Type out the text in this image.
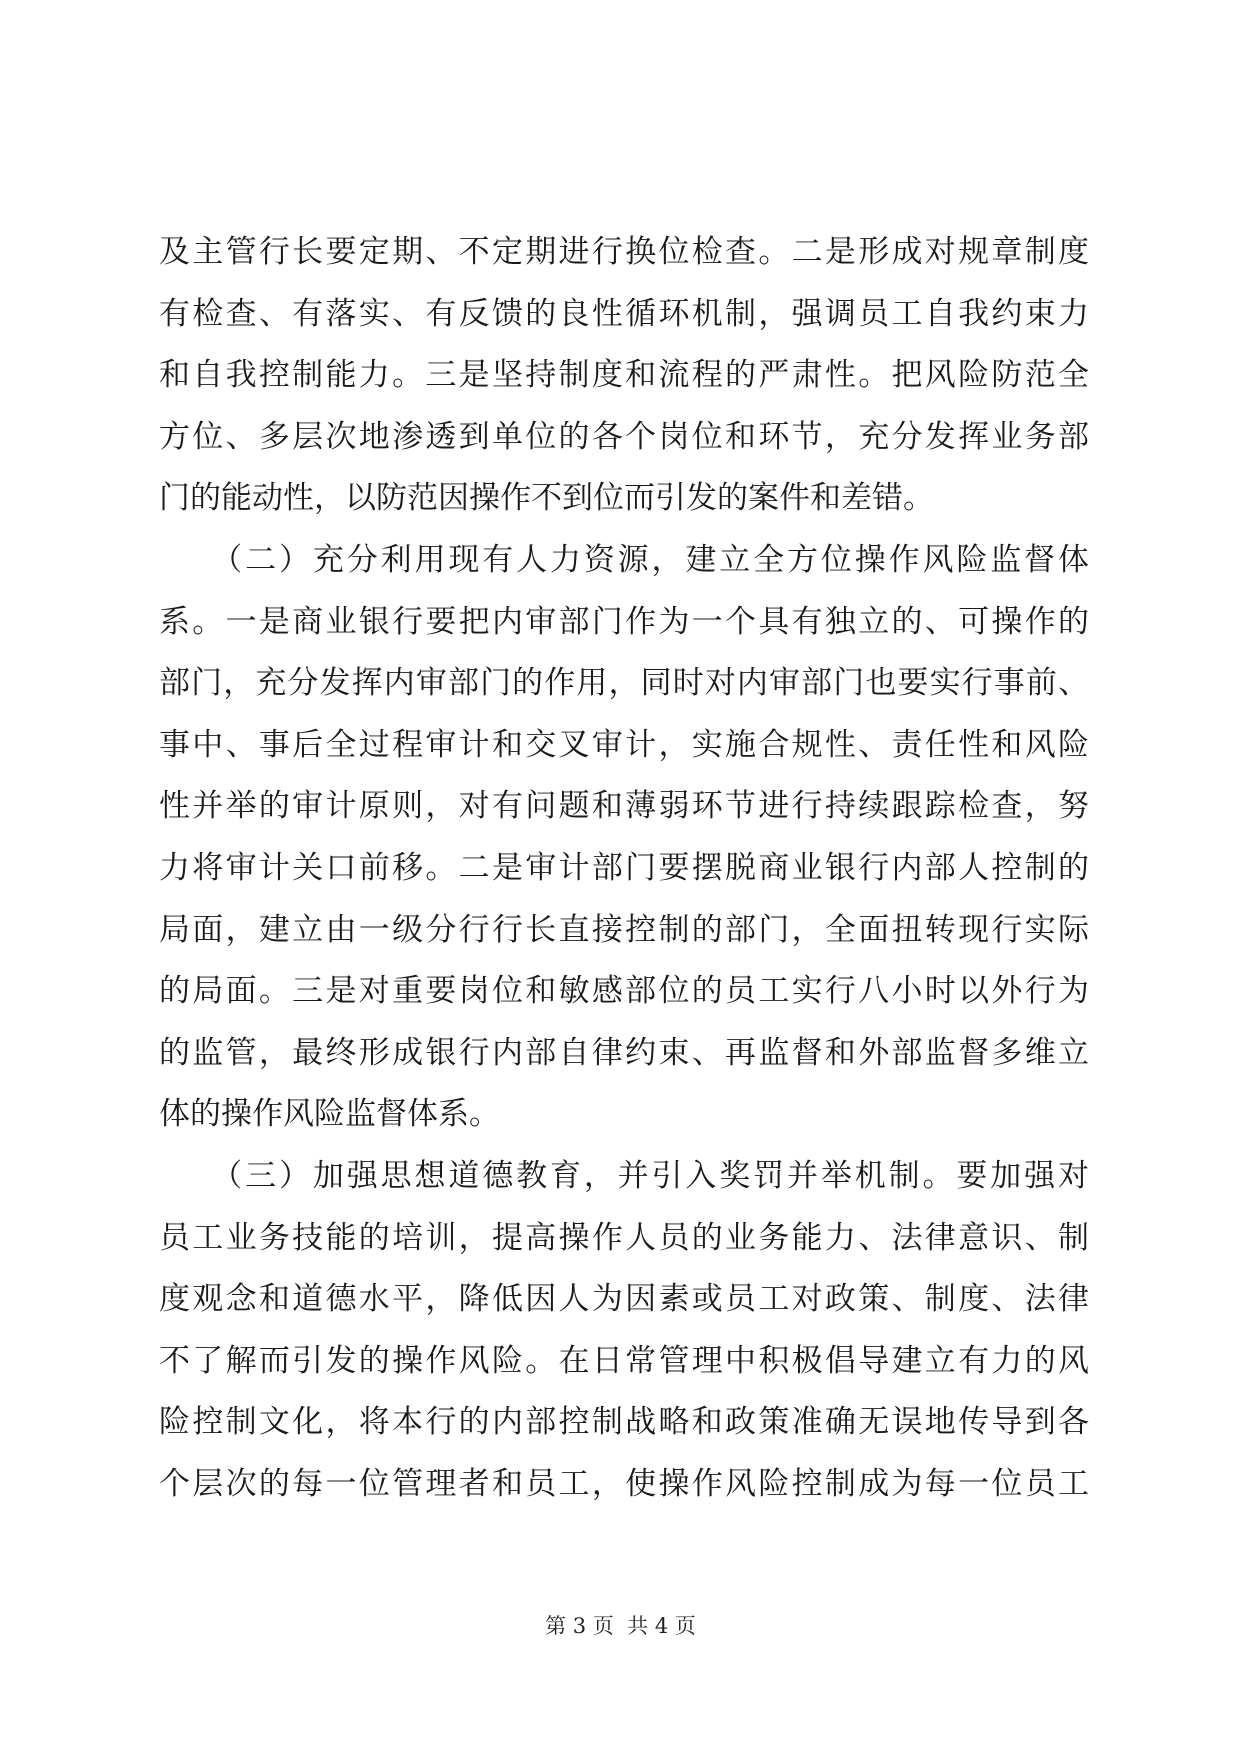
及主管行长要定期、不定期进行换位检查。二是形成对规章制度
有检查、有落实、有反馈的良性循环机制，强调员工自我约束力
和自我控制能力。三是坚持制度和流程的严肃性。把风险防范全
方位、多层次地渗透到单位的各个岗位和环节，充分发挥业务部
门的能动性，以防范因操作不到位而引发的案件和差错。
　　（二）充分利用现有人力资源，建立全方位操作风险监督体
系。一是商业银行要把内审部门作为一个具有独立的、可操作的
部门，充分发挥内审部门的作用，同时对内审部门也要实行事前、
事中、事后全过程审计和交叉审计，实施合规性、责任性和风险
性并举的审计原则，对有问题和薄弱环节进行持续跟踪检查，努
力将审计关口前移。二是审计部门要摆脱商业银行内部人控制的
局面，建立由一级分行行长直接控制的部门，全面扭转现行实际
的局面。三是对重要岗位和敏感部位的员工实行八小时以外行为
的监管，最终形成银行内部自律约束、再监督和外部监督多维立
体的操作风险监督体系。
　　（三）加强思想道德教育，并引入奖罚并举机制。要加强对
员工业务技能的培训，提高操作人员的业务能力、法律意识、制
度观念和道德水平，降低因人为因素或员工对政策、制度、法律
不了解而引发的操作风险。在日常管理中积极倡导建立有力的风
险控制文化，将本行的内部控制战略和政策准确无误地传导到各
个层次的每一位管理者和员工，使操作风险控制成为每一位员工
第 3 页  共 4 页
